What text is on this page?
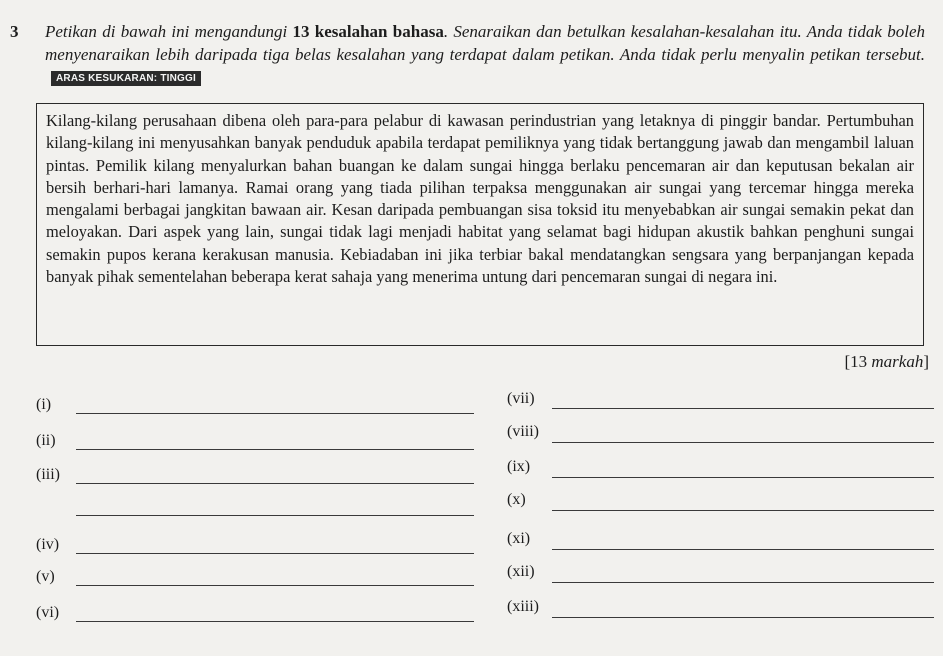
3 Petikan di bawah ini mengandungi 13 kesalahan bahasa. Senaraikan dan betulkan kesalahan-kesalahan itu. Anda tidak boleh menyenaraikan lebih daripada tiga belas kesalahan yang terdapat dalam petikan. Anda tidak perlu menyalin petikan tersebut.ARAS KESUKARAN: TINGGI

Kilang-kilang perusahaan dibena oleh para-para pelabur di kawasan perindustrian yang letaknya di pinggir bandar. Pertumbuhan kilang-kilang ini menyusahkan banyak penduduk apabila terdapat pemiliknya yang tidak bertanggung jawab dan mengambil laluan pintas. Pemilik kilang menyalurkan bahan buangan ke dalam sungai hingga berlaku pencemaran air dan keputusan bekalan air bersih berhari-hari lamanya. Ramai orang yang tiada pilihan terpaksa menggunakan air sungai yang tercemar hingga mereka mengalami berbagai jangkitan bawaan air. Kesan daripada pembuangan sisa toksid itu menyebabkan air sungai semakin pekat dan meloyakan. Dari aspek yang lain, sungai tidak lagi menjadi habitat yang selamat bagi hidupan akustik bahkan penghuni sungai semakin pupos kerana kerakusan manusia. Kebiadaban ini jika terbiar bakal mendatangkan sengsara yang berpanjangan kepada banyak pihak sementelahan beberapa kerat sahaja yang menerima untung dari pencemaran sungai di negara ini.

[13 markah]
(i)
(ii)
(iii)
(iv)
(v)
(vi)
(vii)
(viii)
(ix)
(x)
(xi)
(xii)
(xiii)
